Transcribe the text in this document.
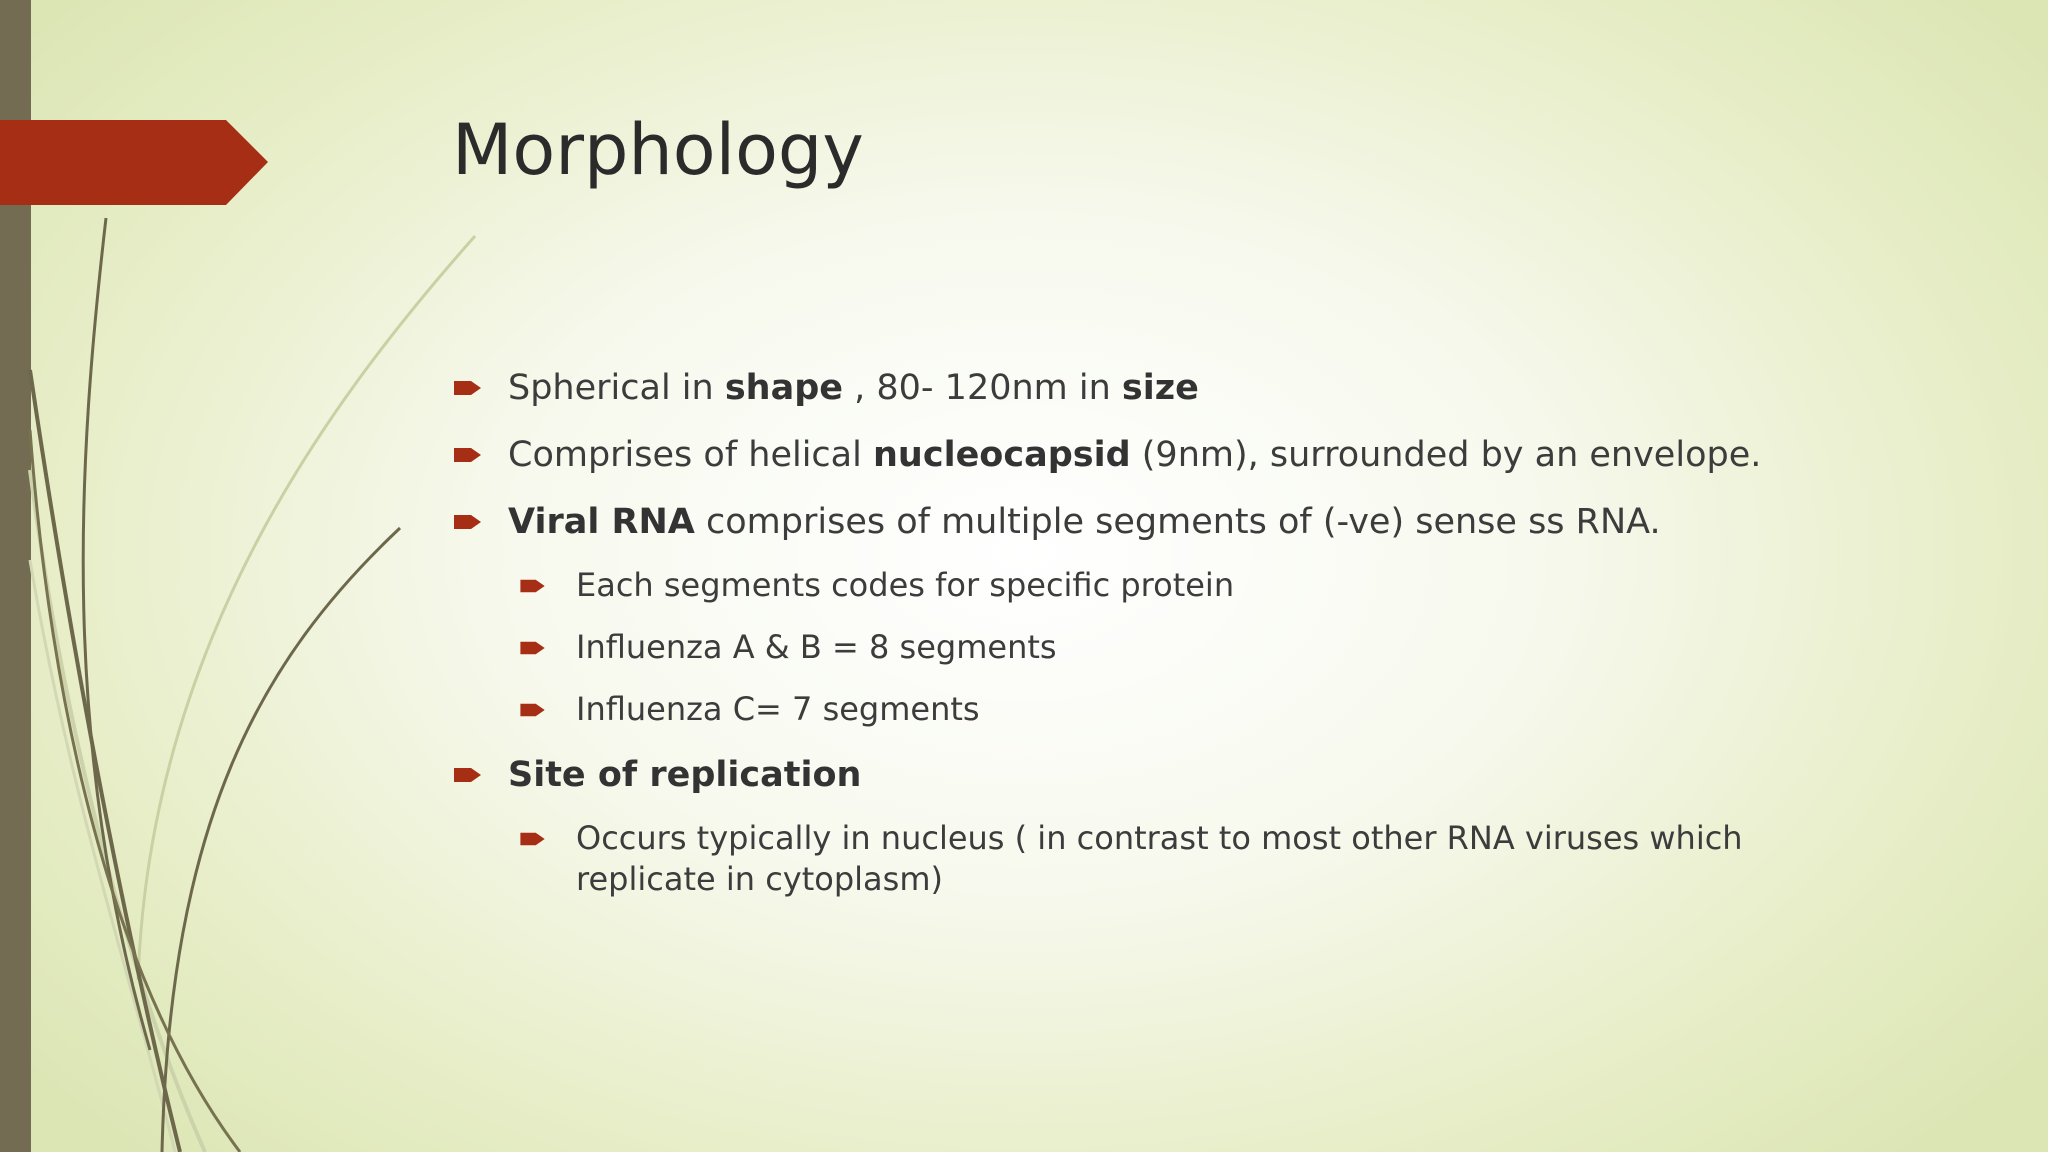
Morphology
Spherical in shape , 80- 120nm in size
Comprises of helical nucleocapsid (9nm), surrounded by an envelope.
Viral RNA comprises of multiple segments of (-ve) sense ss RNA.
Each segments codes for specific protein
Influenza A & B = 8 segments
Influenza C= 7 segments
Site of replication
Occurs typically in nucleus ( in contrast to most other RNA viruses which replicate in cytoplasm)
